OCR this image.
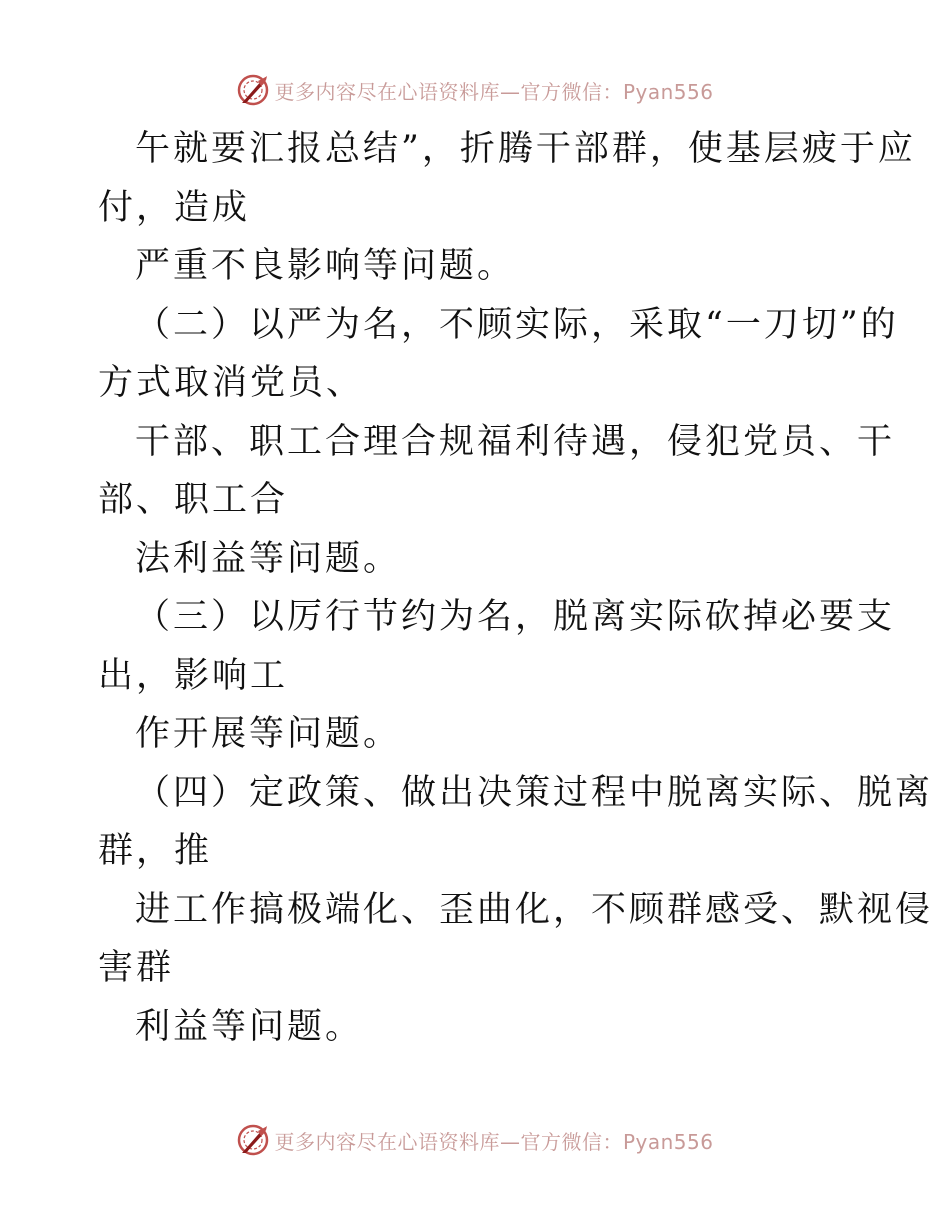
更多内容尽在心语资料库—官方微信：Pyan556
午就要汇报总结”，折腾干部群，使基层疲于应
付，造成
严重不良影响等问题。
（二）以严为名，不顾实际，采取“一刀切”的
方式取消党员、
干部、职工合理合规福利待遇，侵犯党员、干
部、职工合
法利益等问题。
（三）以厉行节约为名，脱离实际砍掉必要支
出，影响工
作开展等问题。
（四）定政策、做出决策过程中脱离实际、脱离
群，推
进工作搞极端化、歪曲化，不顾群感受、默视侵
害群
利益等问题。
更多内容尽在心语资料库—官方微信：Pyan556
